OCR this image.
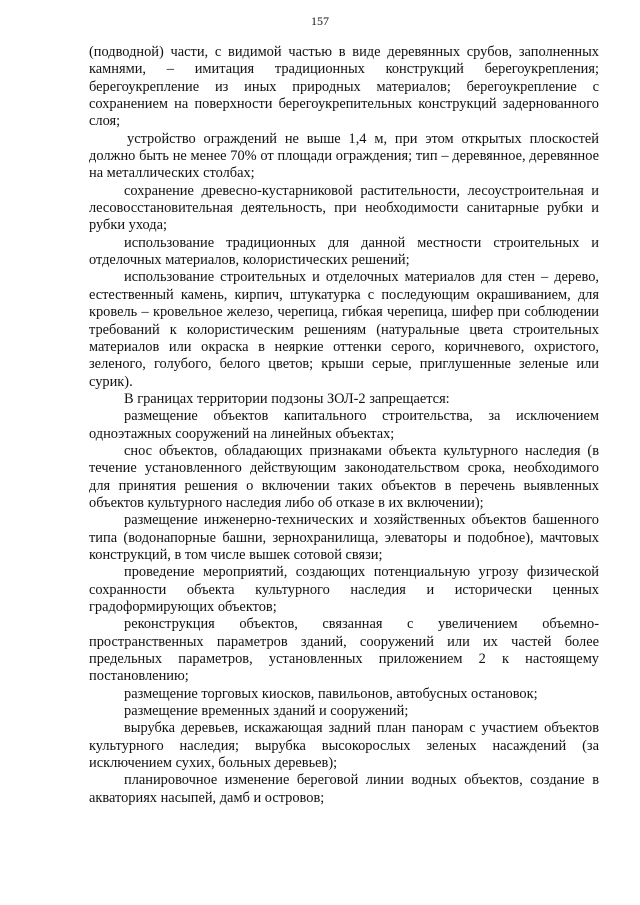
157

(подводной) части, с видимой частью в виде деревянных срубов, заполненных камнями, – имитация традиционных конструкций берегоукрепления; берегоукрепление из иных природных материалов; берегоукрепление с сохранением на поверхности берегоукрепительных конструкций задернованного слоя;

устройство ограждений не выше 1,4 м, при этом открытых плоскостей должно быть не менее 70% от площади ограждения; тип – деревянное, деревянное на металлических столбах;

сохранение древесно-кустарниковой растительности, лесоустроительная и лесовосстановительная деятельность, при необходимости санитарные рубки и рубки ухода;

использование традиционных для данной местности строительных и отделочных материалов, колористических решений;

использование строительных и отделочных материалов для стен – дерево, естественный камень, кирпич, штукатурка с последующим окрашиванием, для кровель – кровельное железо, черепица, гибкая черепица, шифер при соблюдении требований к колористическим решениям (натуральные цвета строительных материалов или окраска в неяркие оттенки серого, коричневого, охристого, зеленого, голубого, белого цветов; крыши серые, приглушенные зеленые или сурик).

В границах территории подзоны ЗОЛ-2 запрещается:

размещение объектов капитального строительства, за исключением одноэтажных сооружений на линейных объектах;

снос объектов, обладающих признаками объекта культурного наследия (в течение установленного действующим законодательством срока, необходимого для принятия решения о включении таких объектов в перечень выявленных объектов культурного наследия либо об отказе в их включении);

размещение инженерно-технических и хозяйственных объектов башенного типа (водонапорные башни, зернохранилища, элеваторы и подобное), мачтовых конструкций, в том числе вышек сотовой связи;

проведение мероприятий, создающих потенциальную угрозу физической сохранности объекта культурного наследия и исторически ценных градоформирующих объектов;

реконструкция объектов, связанная с увеличением объемно-пространственных параметров зданий, сооружений или их частей более предельных параметров, установленных приложением 2 к настоящему постановлению;

размещение торговых киосков, павильонов, автобусных остановок;

размещение временных зданий и сооружений;

вырубка деревьев, искажающая задний план панорам с участием объектов культурного наследия; вырубка высокорослых зеленых насаждений (за исключением сухих, больных деревьев);

планировочное изменение береговой линии водных объектов, создание в акваториях насыпей, дамб и островов;
